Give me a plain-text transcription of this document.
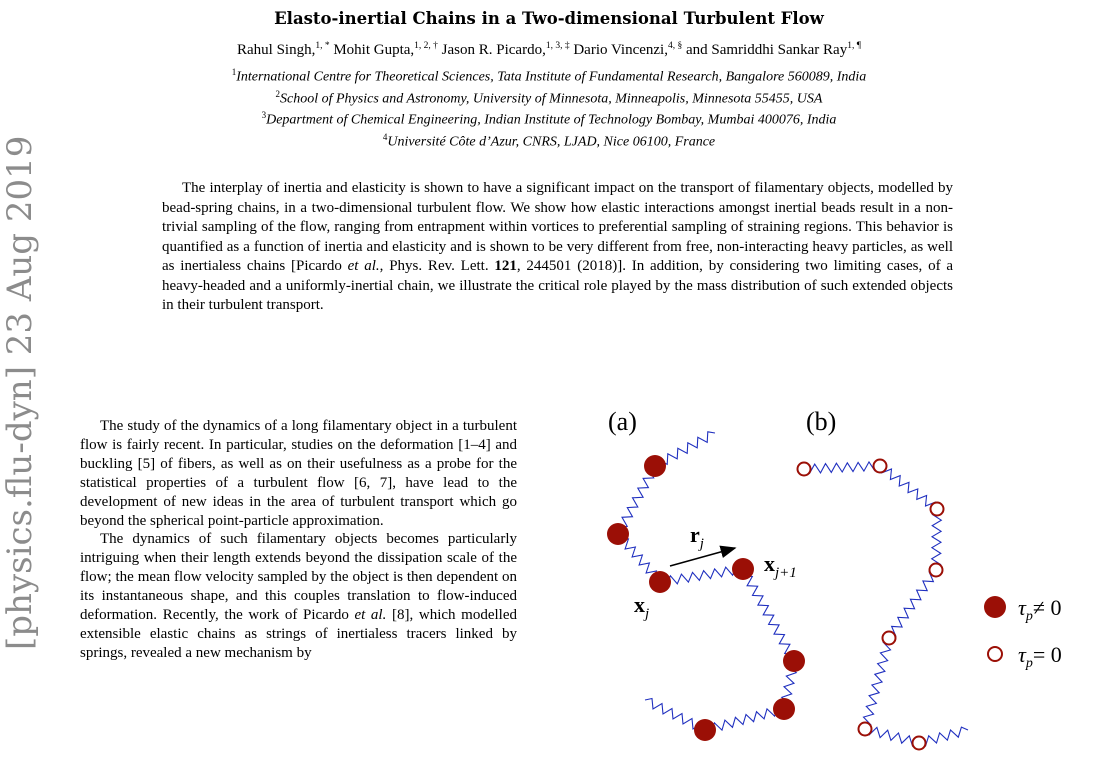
Elasto-inertial Chains in a Two-dimensional Turbulent Flow
Rahul Singh,$^{1, *}$ Mohit Gupta,$^{1, 2, \dagger}$ Jason R. Picardo,$^{1, 3, \ddagger}$ Dario Vincenzi,$^{4, \S}$ and Samriddhi Sankar Ray$^{1, \P}$
$^1$International Centre for Theoretical Sciences, Tata Institute of Fundamental Research, Bangalore 560089, India
$^2$School of Physics and Astronomy, University of Minnesota, Minneapolis, Minnesota 55455, USA
$^3$Department of Chemical Engineering, Indian Institute of Technology Bombay, Mumbai 400076, India
$^4$Université Côte d’Azur, CNRS, LJAD, Nice 06100, France
The interplay of inertia and elasticity is shown to have a significant impact on the transport of filamentary objects, modelled by bead-spring chains, in a two-dimensional turbulent flow. We show how elastic interactions amongst inertial beads result in a non-trivial sampling of the flow, ranging from entrapment within vortices to preferential sampling of straining regions. This behavior is quantified as a function of inertia and elasticity and is shown to be very different from free, non-interacting heavy particles, as well as inertialess chains [Picardo et al., Phys. Rev. Lett. 121, 244501 (2018)]. In addition, by considering two limiting cases, of a heavy-headed and a uniformly-inertial chain, we illustrate the critical role played by the mass distribution of such extended objects in their turbulent transport.
[physics.flu-dyn] 23 Aug 2019	The study of the dynamics of a long filamentary object in a turbulent flow is fairly recent. In particular, studies on the deformation [1–4] and buckling [5] of fibers, as well as on their usefulness as a probe for the statistical properties of a turbulent flow [6, 7], have lead to the development of new ideas in the area of turbulent transport which go beyond the spherical point-particle approximation.

The dynamics of such filamentary objects becomes particularly intriguing when their length extends beyond the dissipation scale of the flow; the mean flow velocity sampled by the object is then dependent on its instantaneous shape, and this couples translation to flow-induced deformation. Recently, the work of Picardo et al. [8], which modelled extensible elastic chains as strings of inertialess tracers linked by springs, revealed a new mechanism by

(a)	(b)
$r_j$
$x_j$
$x_{j+1}$
$\tau_p\ne 0$
$\tau_p= 0$
